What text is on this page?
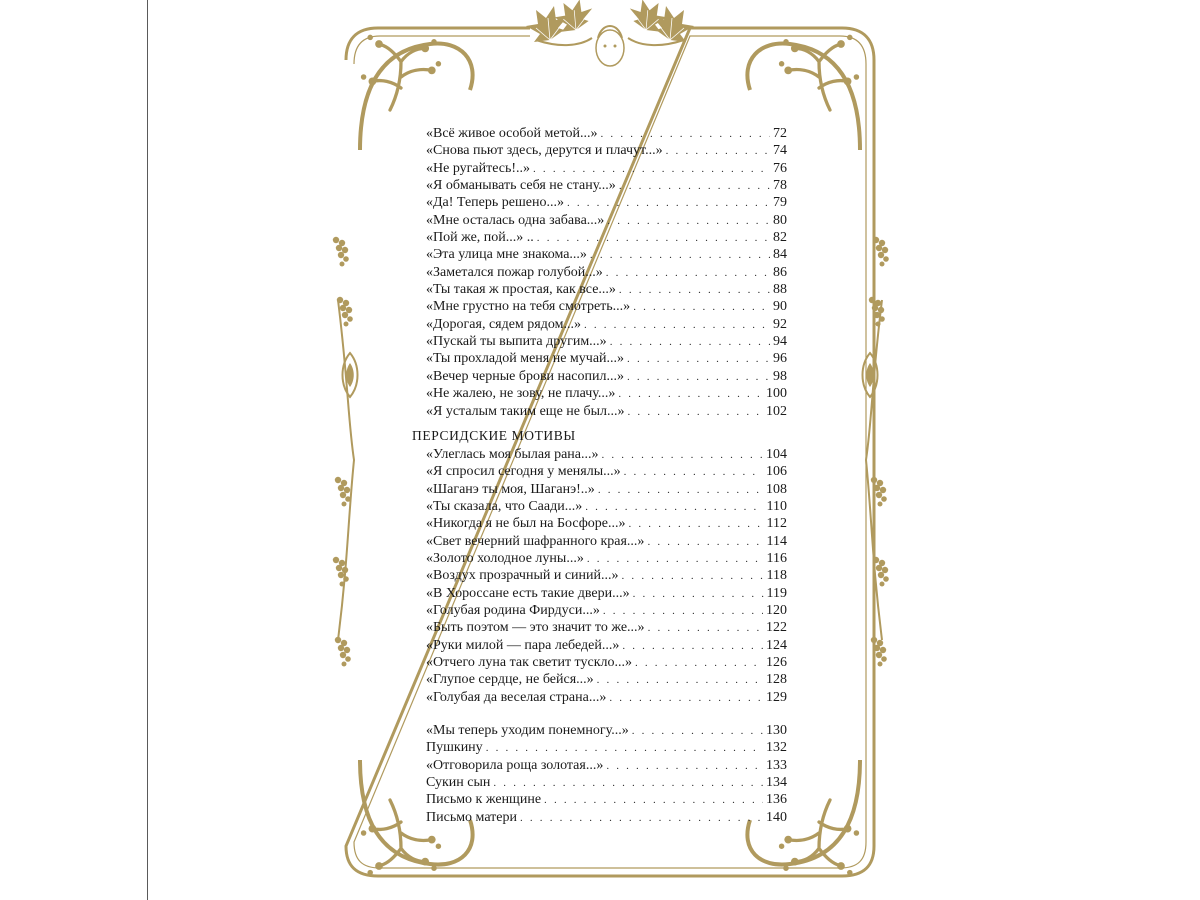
«Всё живое особой метой...» . . .	72
«Снова пьют здесь, дерутся и плачут...» . . .	74
«Не ругайтесь!..» . . .	76
«Я обманывать себя не стану...» . . .	78
«Да! Теперь решено...» . . .	79
«Мне осталась одна забава...» . . .	80
«Пой же, пой...» .. . . .	82
«Эта улица мне знакома...» . . .	84
«Заметался пожар голубой...» . . .	86
«Ты такая ж простая, как все...» . . .	88
«Мне грустно на тебя смотреть...» . . .	90
«Дорогая, сядем рядом...» . . .	92
«Пускай ты выпита другим...» . . .	94
«Ты прохладой меня не мучай...» . . .	96
«Вечер черные брови насопил...» . . .	98
«Не жалею, не зову, не плачу...» . . .	100
«Я усталым таким еще не был...» . . .	102
ПЕРСИДСКИЕ МОТИВЫ
«Улеглась моя былая рана...» . . .	104
«Я спросил сегодня у менялы...» . . .	106
«Шаганэ ты моя, Шаганэ!..» . . .	108
«Ты сказала, что Саади...» . . .	110
«Никогда я не был на Босфоре...» . . .	112
«Свет вечерний шафранного края...» . . .	114
«Золото холодное луны...» . . .	116
«Воздух прозрачный и синий...» . . .	118
«В Хороссане есть такие двери...» . . .	119
«Голубая родина Фирдуси...» . . .	120
«Быть поэтом — это значит то же...» . . .	122
«Руки милой — пара лебедей...» . . .	124
«Отчего луна так светит тускло...» . . .	126
«Глупое сердце, не бейся...» . . .	128
«Голубая да веселая страна...» . . .	129
«Мы теперь уходим понемногу...» . . .	130
Пушкину . . .	132
«Отговорила роща золотая...» . . .	133
Сукин сын . . .	134
Письмо к женщине . . .	136
Письмо матери . . .	140
